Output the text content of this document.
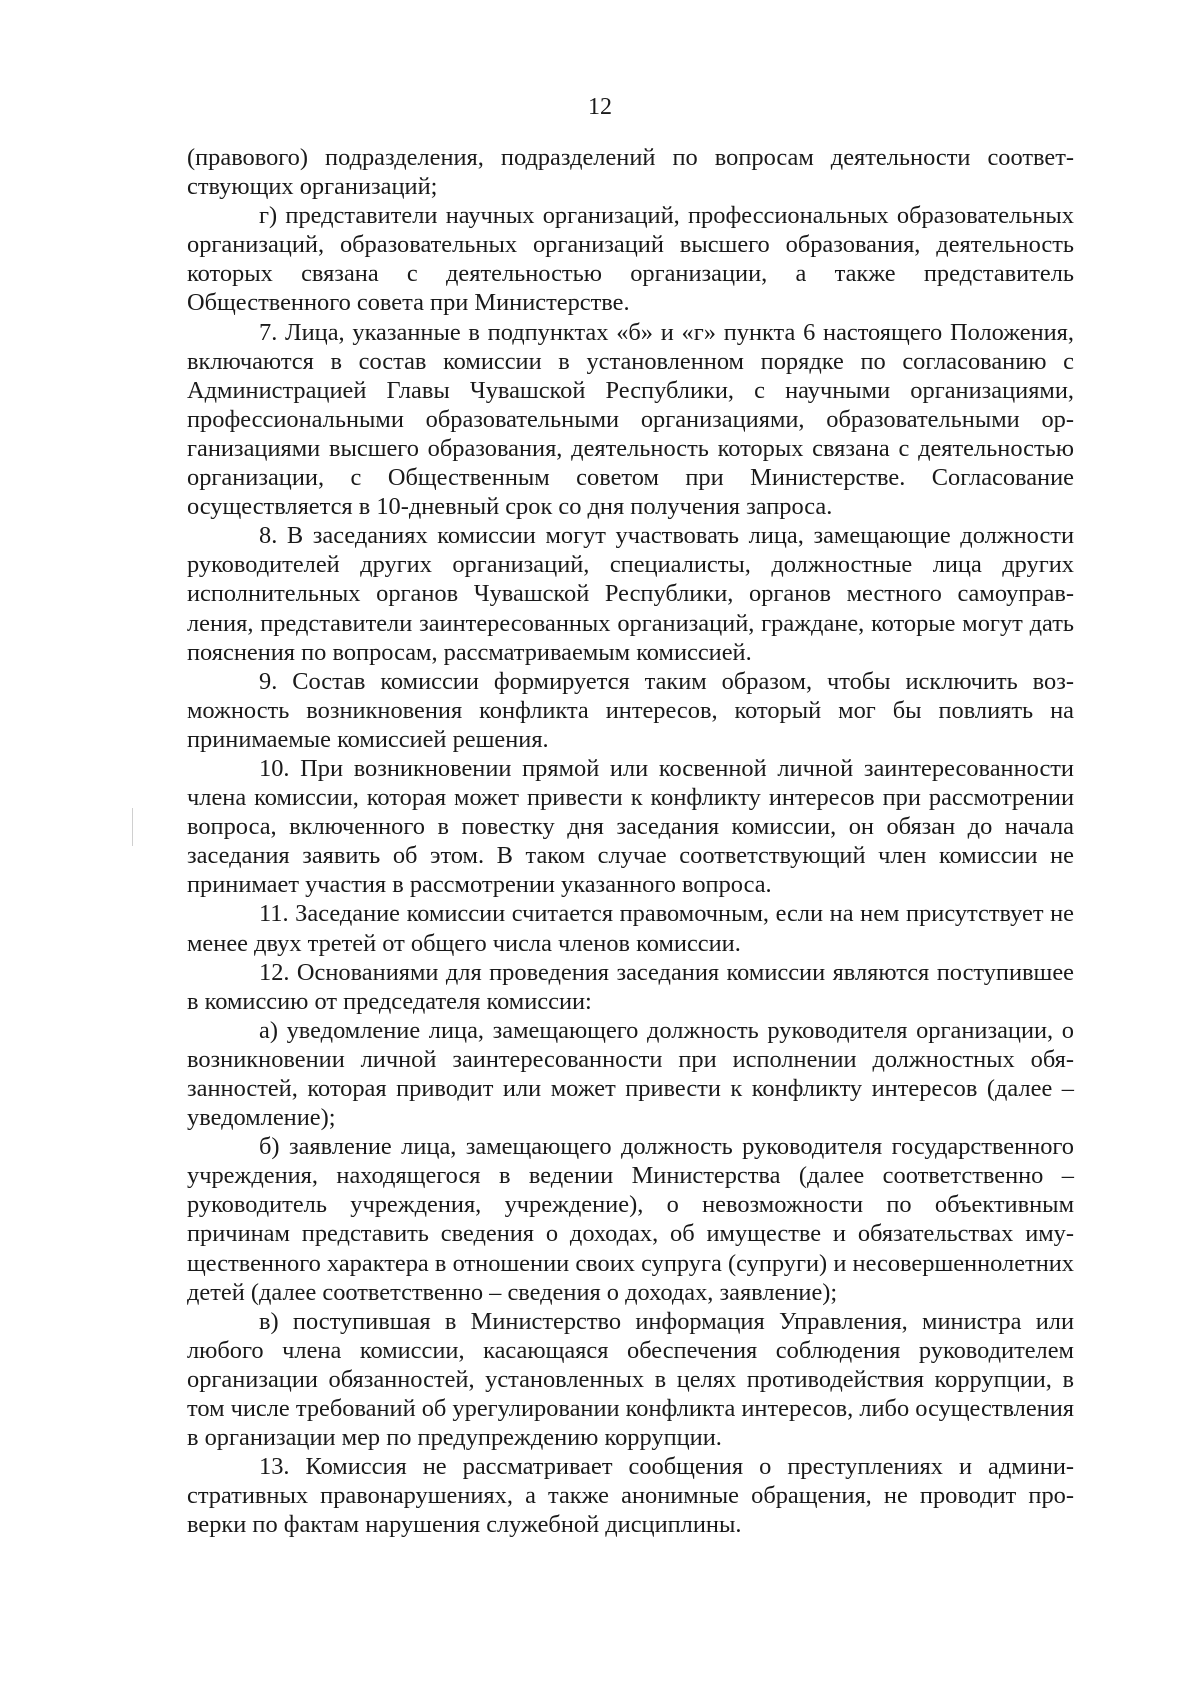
12

(правового) подразделения, подразделений по вопросам деятельности соответствующих организаций;

г) представители научных организаций, профессиональных образовательных организаций, образовательных организаций высшего образования, деятельность которых связана с деятельностью организации, а также представитель Общественного совета при Министерстве.

7. Лица, указанные в подпунктах «б» и «г» пункта 6 настоящего Положения, включаются в состав комиссии в установленном порядке по согласованию с Администрацией Главы Чувашской Республики, с научными организациями, профессиональными образовательными организациями, образовательными организациями высшего образования, деятельность которых связана с деятельностью организации, с Общественным советом при Министерстве. Согласование осуществляется в 10-дневный срок со дня получения запроса.

8. В заседаниях комиссии могут участвовать лица, замещающие должности руководителей других организаций, специалисты, должностные лица других исполнительных органов Чувашской Республики, органов местного самоуправления, представители заинтересованных организаций, граждане, которые могут дать пояснения по вопросам, рассматриваемым комиссией.

9. Состав комиссии формируется таким образом, чтобы исключить возможность возникновения конфликта интересов, который мог бы повлиять на принимаемые комиссией решения.

10. При возникновении прямой или косвенной личной заинтересованности члена комиссии, которая может привести к конфликту интересов при рассмотрении вопроса, включенного в повестку дня заседания комиссии, он обязан до начала заседания заявить об этом. В таком случае соответствующий член комиссии не принимает участия в рассмотрении указанного вопроса.

11. Заседание комиссии считается правомочным, если на нем присутствует не менее двух третей от общего числа членов комиссии.

12. Основаниями для проведения заседания комиссии являются поступившее в комиссию от председателя комиссии:

а) уведомление лица, замещающего должность руководителя организации, о возникновении личной заинтересованности при исполнении должностных обязанностей, которая приводит или может привести к конфликту интересов (далее – уведомление);

б) заявление лица, замещающего должность руководителя государственного учреждения, находящегося в ведении Министерства (далее соответственно – руководитель учреждения, учреждение), о невозможности по объективным причинам представить сведения о доходах, об имуществе и обязательствах имущественного характера в отношении своих супруга (супруги) и несовершеннолетних детей (далее соответственно – сведения о доходах, заявление);

в) поступившая в Министерство информация Управления, министра или любого члена комиссии, касающаяся обеспечения соблюдения руководителем организации обязанностей, установленных в целях противодействия коррупции, в том числе требований об урегулировании конфликта интересов, либо осуществления в организации мер по предупреждению коррупции.

13. Комиссия не рассматривает сообщения о преступлениях и административных правонарушениях, а также анонимные обращения, не проводит проверки по фактам нарушения служебной дисциплины.
